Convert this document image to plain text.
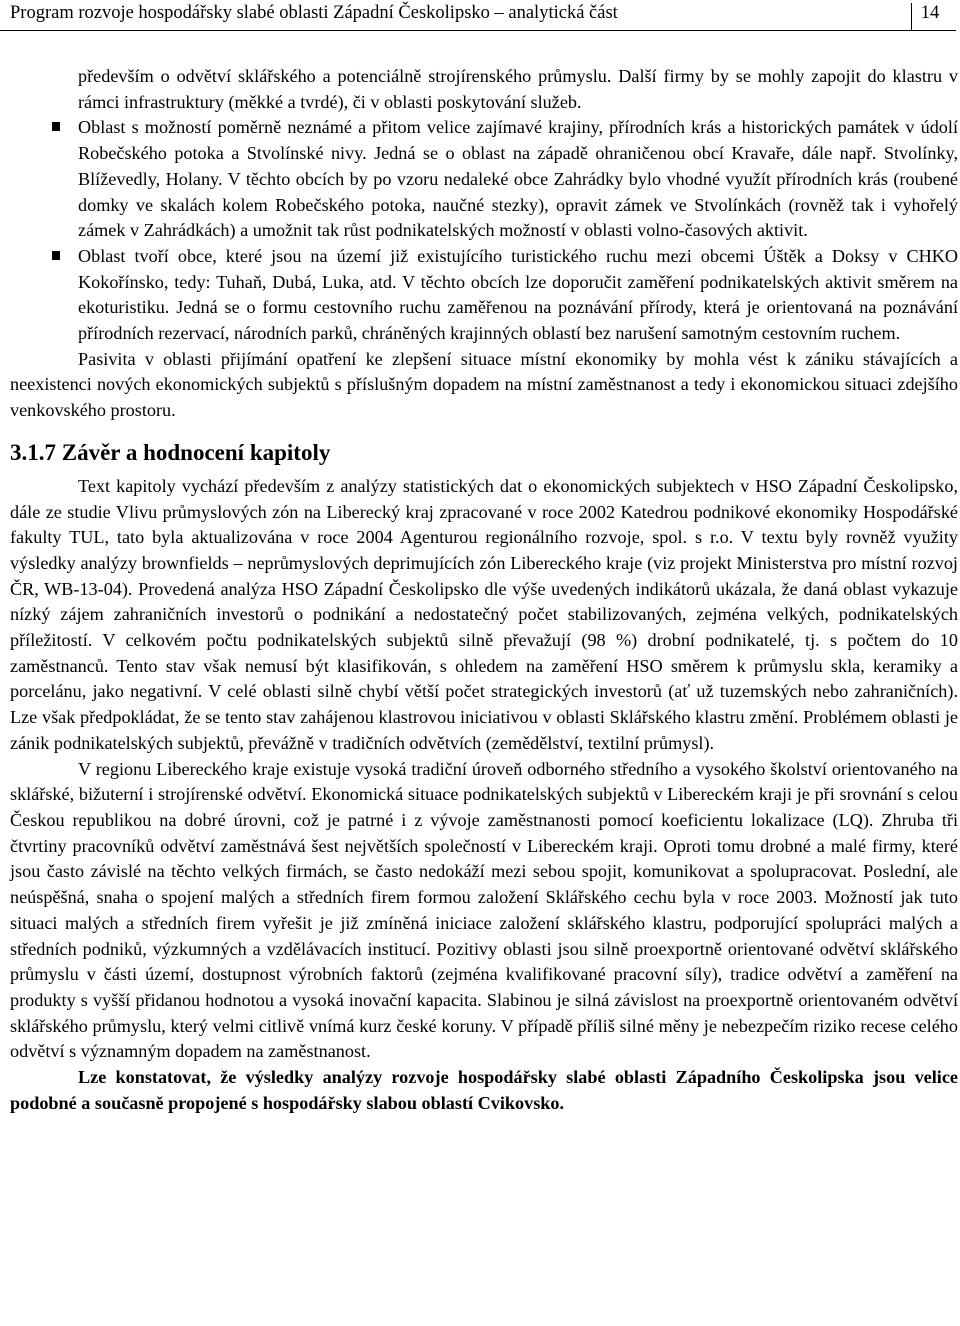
Program rozvoje hospodářsky slabé oblasti Západní Českolipsko – analytická část	14

především o odvětví sklářského a potenciálně strojírenského průmyslu. Další firmy by se mohly zapojit do klastru v rámci infrastruktury (měkké a tvrdé), či v oblasti poskytování služeb.

Oblast s možností poměrně neznámé a přitom velice zajímavé krajiny, přírodních krás a historických památek v údolí Robečského potoka a Stvolínské nivy. Jedná se o oblast na západě ohraničenou obcí Kravaře, dále např. Stvolínky, Blíževedly, Holany. V těchto obcích by po vzoru nedaleké obce Zahrádky bylo vhodné využít přírodních krás (roubené domky ve skalách kolem Robečského potoka, naučné stezky), opravit zámek ve Stvolínkách (rovněž tak i vyhořelý zámek v Zahrádkách) a umožnit tak růst podnikatelských možností v oblasti volno-časových aktivit.

Oblast tvoří obce, které jsou na území již existujícího turistického ruchu mezi obcemi Úštěk a Doksy v CHKO Kokořínsko, tedy: Tuhaň, Dubá, Luka, atd. V těchto obcích lze doporučit zaměření podnikatelských aktivit směrem na ekoturistiku. Jedná se o formu cestovního ruchu zaměřenou na poznávání přírody, která je orientovaná na poznávání přírodních rezervací, národních parků, chráněných krajinných oblastí bez narušení samotným cestovním ruchem.

Pasivita v oblasti přijímání opatření ke zlepšení situace místní ekonomiky by mohla vést k zániku stávajících a neexistenci nových ekonomických subjektů s příslušným dopadem na místní zaměstnanost a tedy i ekonomickou situaci zdejšího venkovského prostoru.

3.1.7 Závěr a hodnocení kapitoly

Text kapitoly vychází především z analýzy statistických dat o ekonomických subjektech v HSO Západní Českolipsko, dále ze studie Vlivu průmyslových zón na Liberecký kraj zpracované v roce 2002 Katedrou podnikové ekonomiky Hospodářské fakulty TUL, tato byla aktualizována v roce 2004 Agenturou regionálního rozvoje, spol. s r.o. V textu byly rovněž využity výsledky analýzy brownfields – neprůmyslových deprimujících zón Libereckého kraje (viz projekt Ministerstva pro místní rozvoj ČR, WB-13-04). Provedená analýza HSO Západní Českolipsko dle výše uvedených indikátorů ukázala, že daná oblast vykazuje nízký zájem zahraničních investorů o podnikání a nedostatečný počet stabilizovaných, zejména velkých, podnikatelských příležitostí. V celkovém počtu podnikatelských subjektů silně převažují (98 %) drobní podnikatelé, tj. s počtem do 10 zaměstnanců. Tento stav však nemusí být klasifikován, s ohledem na zaměření HSO směrem k průmyslu skla, keramiky a porcelánu, jako negativní. V celé oblasti silně chybí větší počet strategických investorů (ať už tuzemských nebo zahraničních). Lze však předpokládat, že se tento stav zahájenou klastrovou iniciativou v oblasti Sklářského klastru změní. Problémem oblasti je zánik podnikatelských subjektů, převážně v tradičních odvětvích (zemědělství, textilní průmysl).

V regionu Libereckého kraje existuje vysoká tradiční úroveň odborného středního a vysokého školství orientovaného na sklářské, bižuterní i strojírenské odvětví. Ekonomická situace podnikatelských subjektů v Libereckém kraji je při srovnání s celou Českou republikou na dobré úrovni, což je patrné i z vývoje zaměstnanosti pomocí koeficientu lokalizace (LQ). Zhruba tři čtvrtiny pracovníků odvětví zaměstnává šest největších společností v Libereckém kraji. Oproti tomu drobné a malé firmy, které jsou často závislé na těchto velkých firmách, se často nedokáží mezi sebou spojit, komunikovat a spolupracovat. Poslední, ale neúspěšná, snaha o spojení malých a středních firem formou založení Sklářského cechu byla v roce 2003. Možností jak tuto situaci malých a středních firem vyřešit je již zmíněná iniciace založení sklářského klastru, podporující spolupráci malých a středních podniků, výzkumných a vzdělávacích institucí. Pozitivy oblasti jsou silně proexportně orientované odvětví sklářského průmyslu v části území, dostupnost výrobních faktorů (zejména kvalifikované pracovní síly), tradice odvětví a zaměření na produkty s vyšší přidanou hodnotou a vysoká inovační kapacita. Slabinou je silná závislost na proexportně orientovaném odvětví sklářského průmyslu, který velmi citlivě vnímá kurz české koruny. V případě příliš silné měny je nebezpečím riziko recese celého odvětví s významným dopadem na zaměstnanost.

Lze konstatovat, že výsledky analýzy rozvoje hospodářsky slabé oblasti Západního Českolipska jsou velice podobné a současně propojené s hospodářsky slabou oblastí Cvikovsko.
